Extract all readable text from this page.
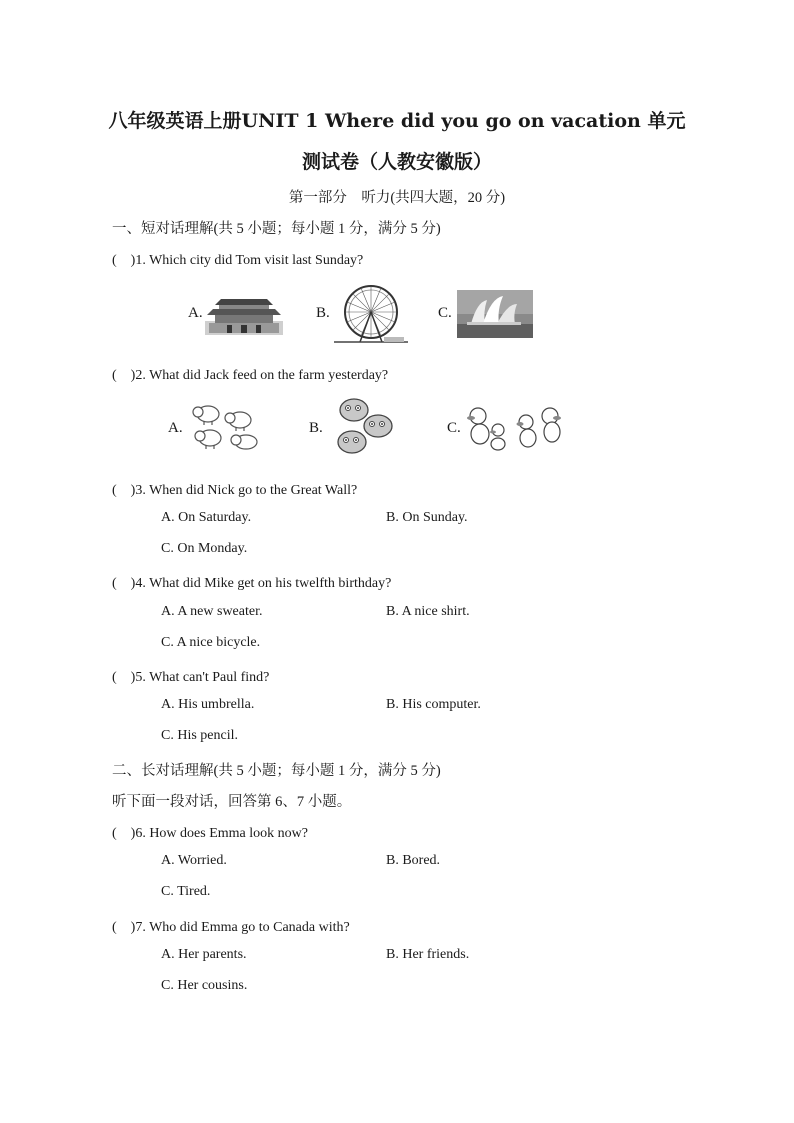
八年级英语上册UNIT 1 Where did you go on vacation 单元
测试卷（人教安徽版）
第一部分　听力(共四大题，20 分)
一、短对话理解(共 5 小题；每小题 1 分，满分 5 分)
(　)1. Which city did Tom visit last Sunday?
A.	B.	C.
(　)2. What did Jack feed on the farm yesterday?
A.	B.	C.
(　)3. When did Nick go to the Great Wall?
A. On Saturday.	B. On Sunday.
C. On Monday.
(　)4. What did Mike get on his twelfth birthday?
A. A new sweater.	B. A nice shirt.
C. A nice bicycle.
(　)5. What can't Paul find?
A. His umbrella.	B. His computer.
C. His pencil.
二、长对话理解(共 5 小题；每小题 1 分，满分 5 分)
听下面一段对话，回答第 6、7 小题。
(　)6. How does Emma look now?
A. Worried.	B. Bored.
C. Tired.
(　)7. Who did Emma go to Canada with?
A. Her parents.	B. Her friends.
C. Her cousins.
